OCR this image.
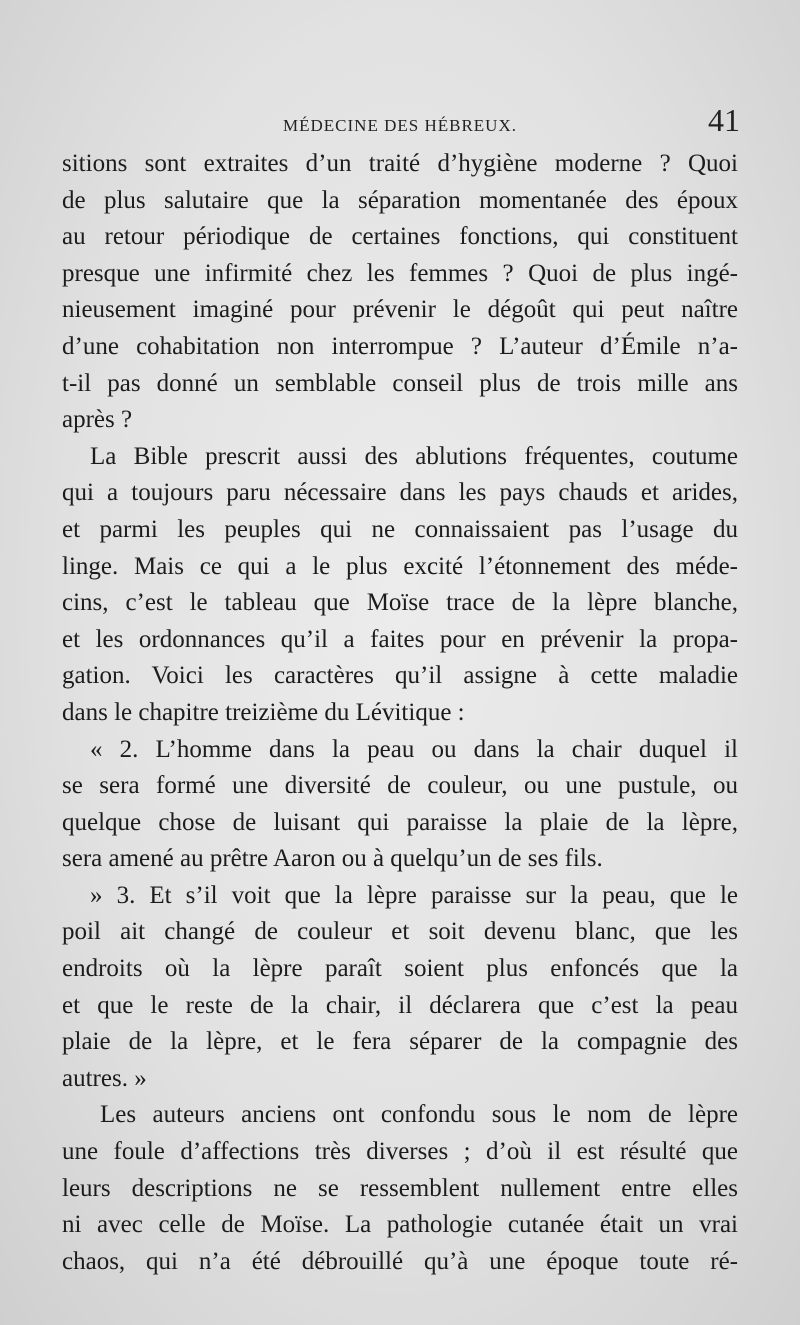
MÉDECINE DES HÉBREUX.	41
sitions sont extraites d’un traité d’hygiène moderne ? Quoi
de plus salutaire que la séparation momentanée des époux
au retour périodique de certaines fonctions, qui constituent
presque une infirmité chez les femmes ? Quoi de plus ingé-
nieusement imaginé pour prévenir le dégoût qui peut naître
d’une cohabitation non interrompue ? L’auteur d’Émile n’a-
t-il pas donné un semblable conseil plus de trois mille ans
après ?
La Bible prescrit aussi des ablutions fréquentes, coutume
qui a toujours paru nécessaire dans les pays chauds et arides,
et parmi les peuples qui ne connaissaient pas l’usage du
linge. Mais ce qui a le plus excité l’étonnement des méde-
cins, c’est le tableau que Moïse trace de la lèpre blanche,
et les ordonnances qu’il a faites pour en prévenir la propa-
gation. Voici les caractères qu’il assigne à cette maladie
dans le chapitre treizième du Lévitique :
« 2. L’homme dans la peau ou dans la chair duquel il
se sera formé une diversité de couleur, ou une pustule, ou
quelque chose de luisant qui paraisse la plaie de la lèpre,
sera amené au prêtre Aaron ou à quelqu’un de ses fils.
» 3. Et s’il voit que la lèpre paraisse sur la peau, que le
poil ait changé de couleur et soit devenu blanc, que les
endroits où la lèpre paraît soient plus enfoncés que la
et que le reste de la chair, il déclarera que c’est la peau
plaie de la lèpre, et le fera séparer de la compagnie des
autres. »
Les auteurs anciens ont confondu sous le nom de lèpre
une foule d’affections très diverses ; d’où il est résulté que
leurs descriptions ne se ressemblent nullement entre elles
ni avec celle de Moïse. La pathologie cutanée était un vrai
chaos, qui n’a été débrouillé qu’à une époque toute ré-
